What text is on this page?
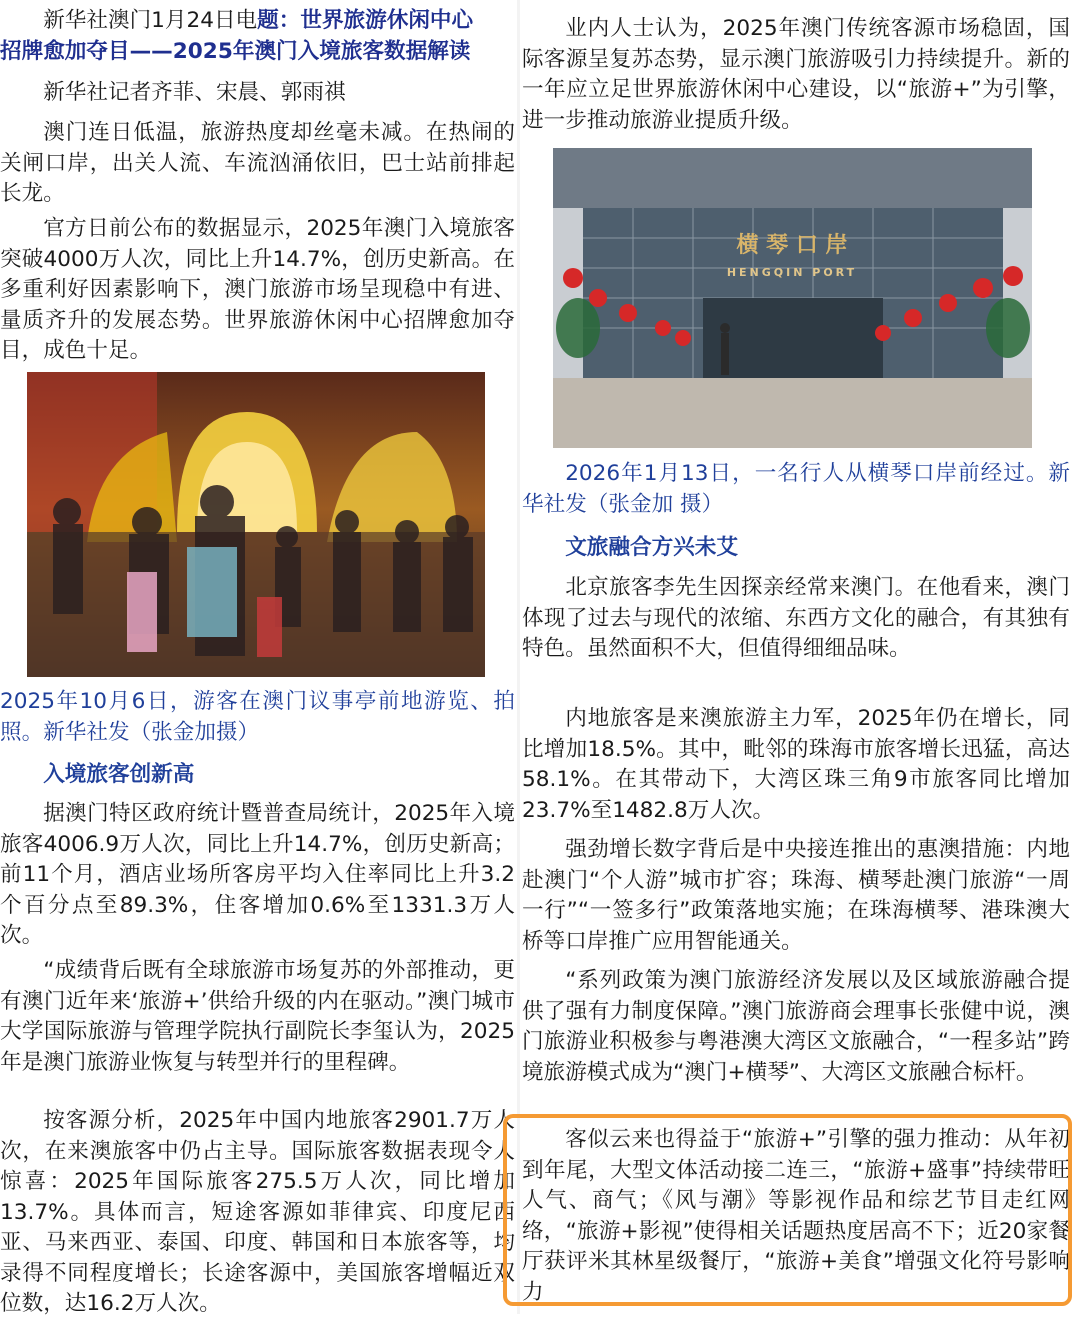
新华社澳门1月24日电题：世界旅游休闲中心
招牌愈加夺目——2025年澳门入境旅客数据解读

新华社记者齐菲、宋晨、郭雨祺

澳门连日低温，旅游热度却丝毫未减。在热闹的关闸口岸，出关人流、车流汹涌依旧，巴士站前排起长龙。

官方日前公布的数据显示，2025年澳门入境旅客突破4000万人次，同比上升14.7%，创历史新高。在多重利好因素影响下，澳门旅游市场呈现稳中有进、量质齐升的发展态势。世界旅游休闲中心招牌愈加夺目，成色十足。

2025年10月6日，游客在澳门议事亭前地游览、拍照。新华社发（张金加摄）

入境旅客创新高

据澳门特区政府统计暨普查局统计，2025年入境旅客4006.9万人次，同比上升14.7%，创历史新高；前11个月，酒店业场所客房平均入住率同比上升3.2个百分点至89.3%，住客增加0.6%至1331.3万人次。

“成绩背后既有全球旅游市场复苏的外部推动，更有澳门近年来‘旅游+’供给升级的内在驱动。”澳门城市大学国际旅游与管理学院执行副院长李玺认为，2025年是澳门旅游业恢复与转型并行的里程碑。

按客源分析，2025年中国内地旅客2901.7万人次，在来澳旅客中仍占主导。国际旅客数据表现令人惊喜：2025年国际旅客275.5万人次，同比增加13.7%。具体而言，短途客源如菲律宾、印度尼西亚、马来西亚、泰国、印度、韩国和日本旅客等，均录得不同程度增长；长途客源中，美国旅客增幅近双位数，达16.2万人次。

业内人士认为，2025年澳门传统客源市场稳固，国际客源呈复苏态势，显示澳门旅游吸引力持续提升。新的一年应立足世界旅游休闲中心建设，以“旅游+”为引擎，进一步推动旅游业提质升级。

横 琴 口 岸
HENGQIN PORT

2026年1月13日，一名行人从横琴口岸前经过。新华社发（张金加 摄）

文旅融合方兴未艾

北京旅客李先生因探亲经常来澳门。在他看来，澳门体现了过去与现代的浓缩、东西方文化的融合，有其独有特色。虽然面积不大，但值得细细品味。

内地旅客是来澳旅游主力军，2025年仍在增长，同比增加18.5%。其中，毗邻的珠海市旅客增长迅猛，高达58.1%。在其带动下，大湾区珠三角9市旅客同比增加23.7%至1482.8万人次。

强劲增长数字背后是中央接连推出的惠澳措施：内地赴澳门“个人游”城市扩容；珠海、横琴赴澳门旅游“一周一行”“一签多行”政策落地实施；在珠海横琴、港珠澳大桥等口岸推广应用智能通关。

“系列政策为澳门旅游经济发展以及区域旅游融合提供了强有力制度保障。”澳门旅游商会理事长张健中说，澳门旅游业积极参与粤港澳大湾区文旅融合，“一程多站”跨境旅游模式成为“澳门+横琴”、大湾区文旅融合标杆。

客似云来也得益于“旅游+”引擎的强力推动：从年初到年尾，大型文体活动接二连三，“旅游+盛事”持续带旺人气、商气；《风与潮》等影视作品和综艺节目走红网络，“旅游+影视”使得相关话题热度居高不下；近20家餐厅获评米其林星级餐厅，“旅游+美食”增强文化符号影响力
